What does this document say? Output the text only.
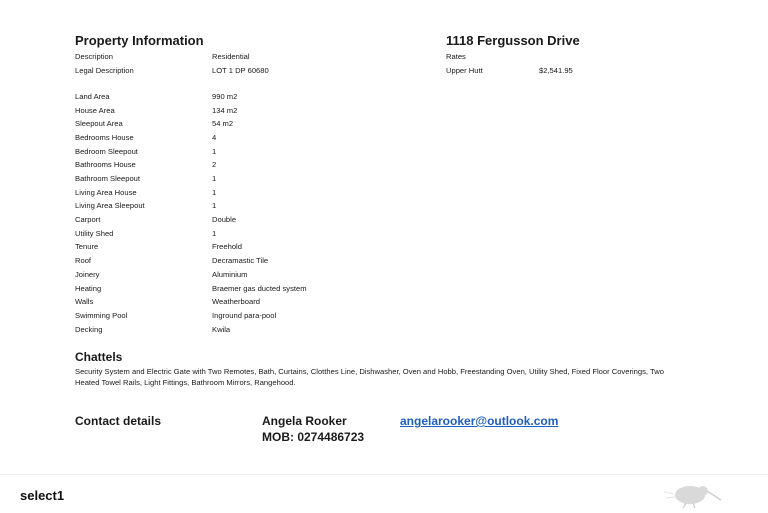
Property Information	1118 Fergusson Drive
Description	Residential
Legal Description	LOT 1 DP 60680
Rates
Upper Hutt	$2,541.95
Land Area	990 m2
House Area	134 m2
Sleepout Area	54 m2
Bedrooms House	4
Bedroom Sleepout	1
Bathrooms House	2
Bathroom Sleepout	1
Living Area House	1
Living Area Sleepout	1
Carport	Double
Utility Shed	1
Tenure	Freehold
Roof	Decramastic Tile
Joinery	Aluminium
Heating	Braemer gas ducted system
Walls	Weatherboard
Swimming Pool	Inground para-pool
Decking	Kwila
Chattels
Security System and Electric Gate with Two Remotes, Bath, Curtains, Clotthes Line, Dishwasher, Oven and Hobb, Freestanding Oven, Utility Shed, Fixed Floor Coverings, Two Heated Towel Rails, Light Fittings, Bathroom Mirrors, Rangehood.
Contact details	Angela Rooker	angelarooker@outlook.com
MOB: 0274486723
select1
